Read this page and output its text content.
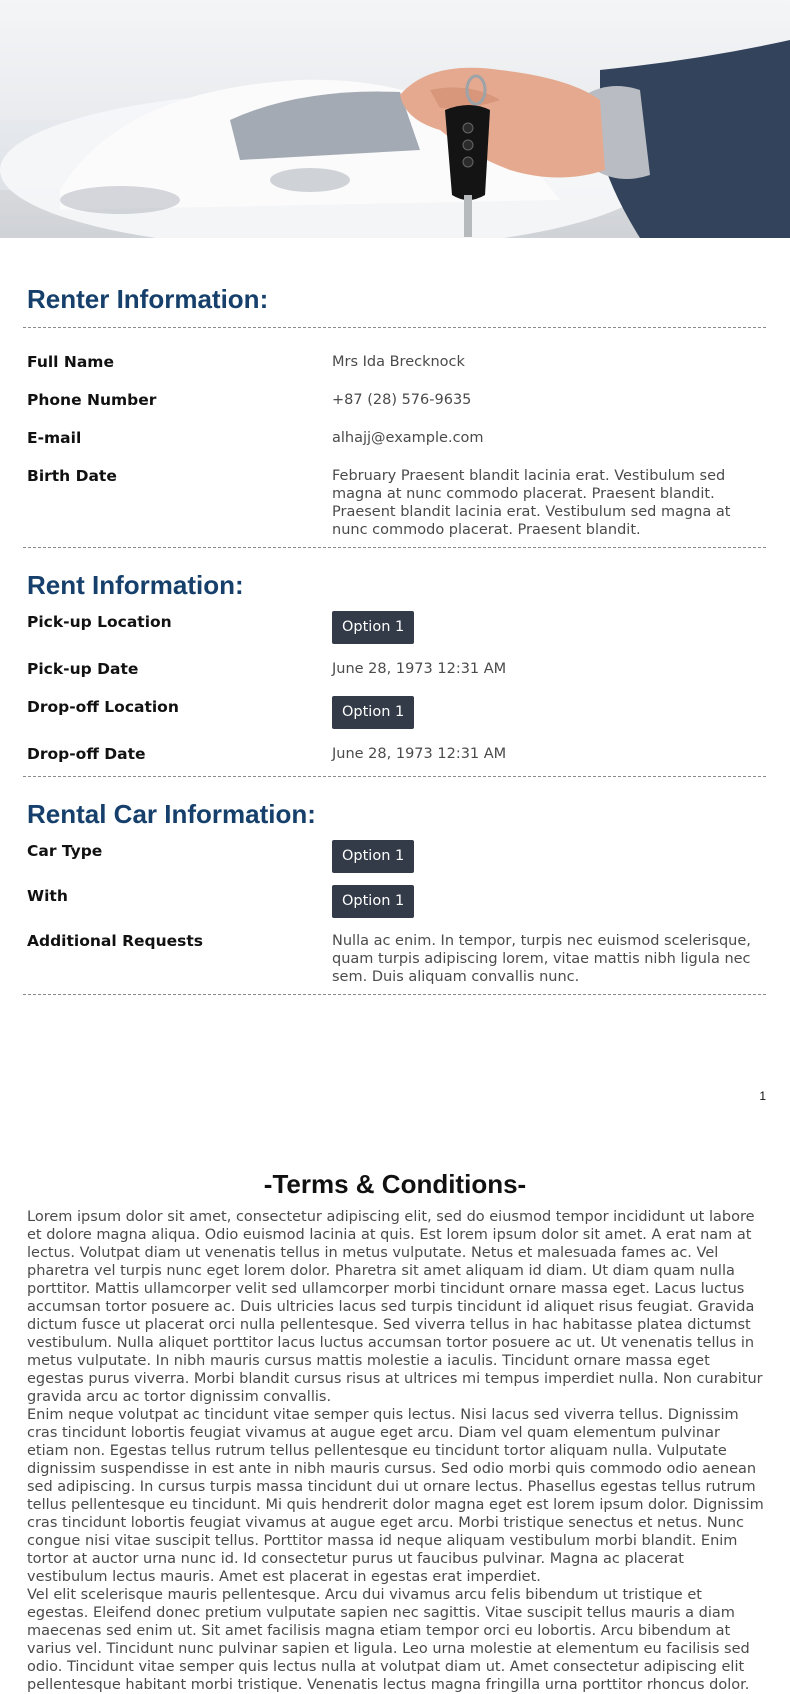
Renter Information:
Full Name	Mrs Ida Brecknock
Phone Number	+87 (28) 576-9635
E-mail	alhajj@example.com
Birth Date	February Praesent blandit lacinia erat. Vestibulum sed magna at nunc commodo placerat. Praesent blandit. Praesent blandit lacinia erat. Vestibulum sed magna at nunc commodo placerat. Praesent blandit.
Rent Information:
Pick-up Location	Option 1
Pick-up Date	June 28, 1973 12:31 AM
Drop-off Location	Option 1
Drop-off Date	June 28, 1973 12:31 AM
Rental Car Information:
Car Type	Option 1
With	Option 1
Additional Requests	Nulla ac enim. In tempor, turpis nec euismod scelerisque, quam turpis adipiscing lorem, vitae mattis nibh ligula nec sem. Duis aliquam convallis nunc.
1
-Terms & Conditions-

Lorem ipsum dolor sit amet, consectetur adipiscing elit, sed do eiusmod tempor incididunt ut labore et dolore magna aliqua. Odio euismod lacinia at quis. Est lorem ipsum dolor sit amet. A erat nam at lectus. Volutpat diam ut venenatis tellus in metus vulputate. Netus et malesuada fames ac. Vel pharetra vel turpis nunc eget lorem dolor. Pharetra sit amet aliquam id diam. Ut diam quam nulla porttitor. Mattis ullamcorper velit sed ullamcorper morbi tincidunt ornare massa eget. Lacus luctus accumsan tortor posuere ac. Duis ultricies lacus sed turpis tincidunt id aliquet risus feugiat. Gravida dictum fusce ut placerat orci nulla pellentesque. Sed viverra tellus in hac habitasse platea dictumst vestibulum. Nulla aliquet porttitor lacus luctus accumsan tortor posuere ac ut. Ut venenatis tellus in metus vulputate. In nibh mauris cursus mattis molestie a iaculis. Tincidunt ornare massa eget egestas purus viverra. Morbi blandit cursus risus at ultrices mi tempus imperdiet nulla. Non curabitur gravida arcu ac tortor dignissim convallis.

Enim neque volutpat ac tincidunt vitae semper quis lectus. Nisi lacus sed viverra tellus. Dignissim cras tincidunt lobortis feugiat vivamus at augue eget arcu. Diam vel quam elementum pulvinar etiam non. Egestas tellus rutrum tellus pellentesque eu tincidunt tortor aliquam nulla. Vulputate dignissim suspendisse in est ante in nibh mauris cursus. Sed odio morbi quis commodo odio aenean sed adipiscing. In cursus turpis massa tincidunt dui ut ornare lectus. Phasellus egestas tellus rutrum tellus pellentesque eu tincidunt. Mi quis hendrerit dolor magna eget est lorem ipsum dolor. Dignissim cras tincidunt lobortis feugiat vivamus at augue eget arcu. Morbi tristique senectus et netus. Nunc congue nisi vitae suscipit tellus. Porttitor massa id neque aliquam vestibulum morbi blandit. Enim tortor at auctor urna nunc id. Id consectetur purus ut faucibus pulvinar. Magna ac placerat vestibulum lectus mauris. Amet est placerat in egestas erat imperdiet.

Vel elit scelerisque mauris pellentesque. Arcu dui vivamus arcu felis bibendum ut tristique et egestas. Eleifend donec pretium vulputate sapien nec sagittis. Vitae suscipit tellus mauris a diam maecenas sed enim ut. Sit amet facilisis magna etiam tempor orci eu lobortis. Arcu bibendum at varius vel. Tincidunt nunc pulvinar sapien et ligula. Leo urna molestie at elementum eu facilisis sed odio. Tincidunt vitae semper quis lectus nulla at volutpat diam ut. Amet consectetur adipiscing elit pellentesque habitant morbi tristique. Venenatis lectus magna fringilla urna porttitor rhoncus dolor.
